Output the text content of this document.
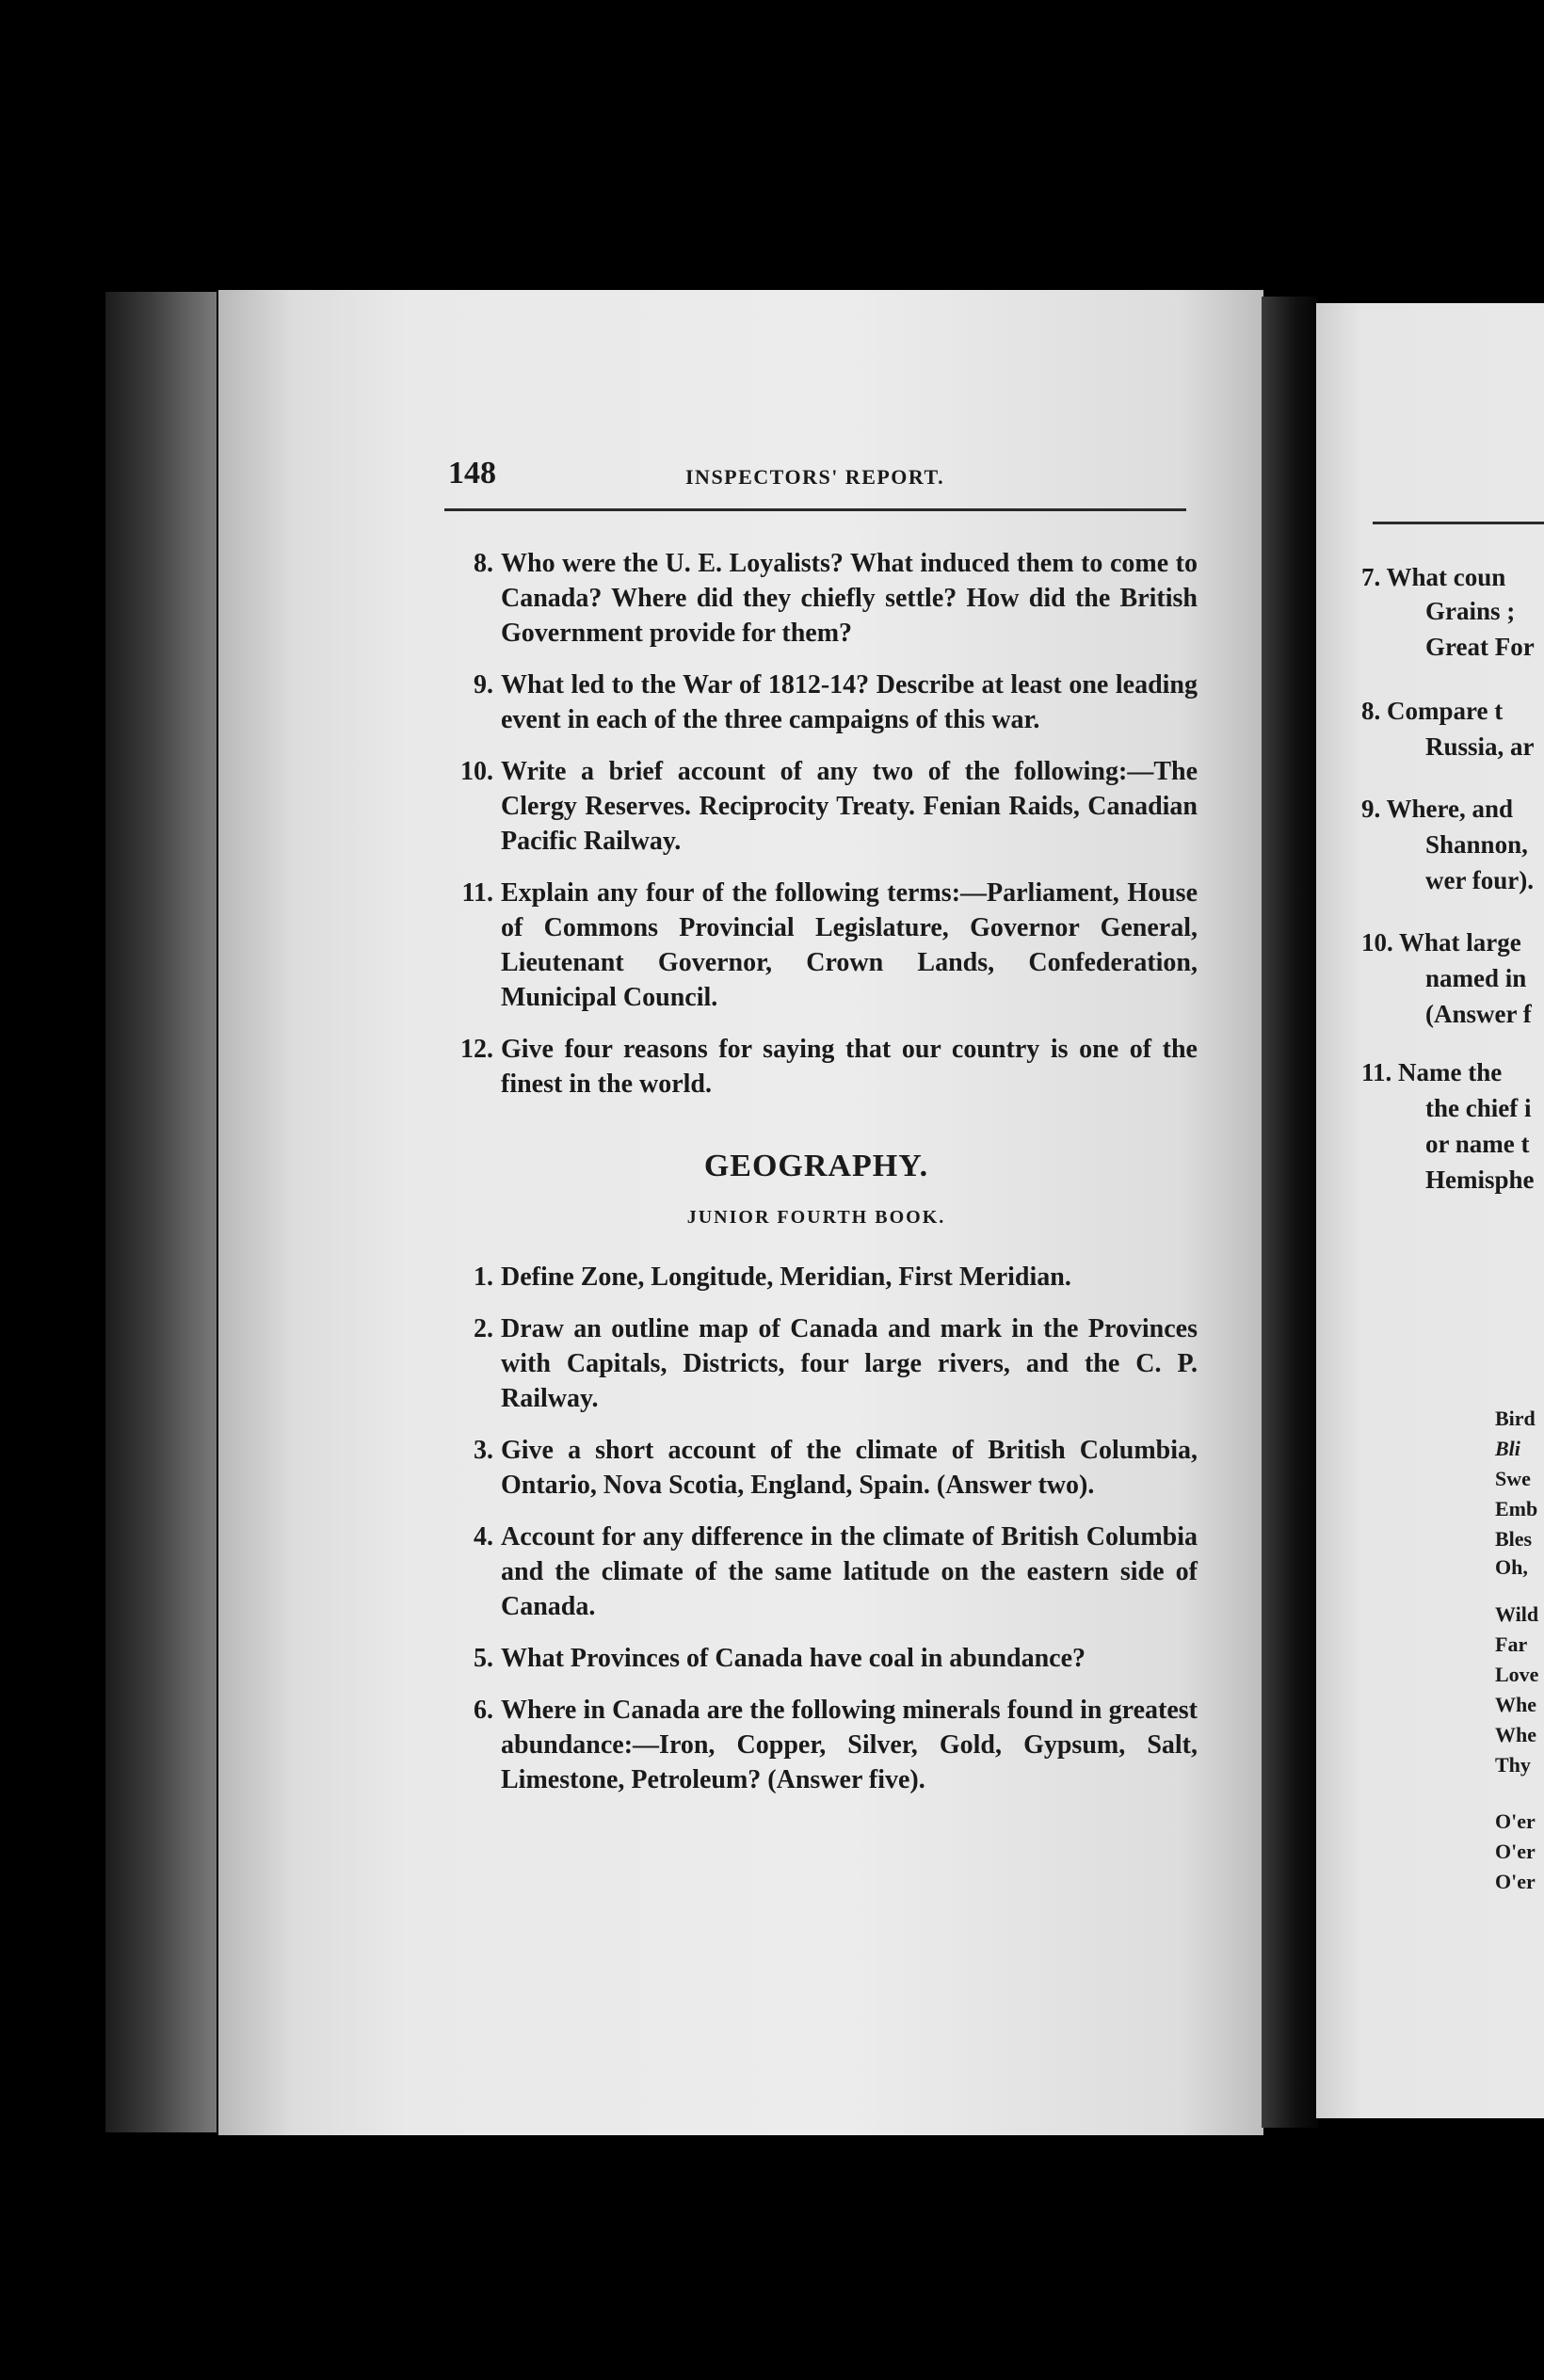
7. What coun
Grains ;
Great For
8. Compare t
Russia, ar
9. Where, and
Shannon,
wer four).
10. What large
named in
(Answer f
11. Name the
the chief i
or name t
Hemisphe
Bird
Bli
Swe
Emb
Bles
Oh,
Wild
Far
Love
Whe
Whe
Thy
O'er
O'er
O'er
148	INSPECTORS' REPORT.
8. Who were the U. E. Loyalists? What induced them to come to Canada? Where did they chiefly settle? How did the British Government provide for them?
9. What led to the War of 1812-14? Describe at least one leading event in each of the three campaigns of this war.
10. Write a brief account of any two of the following:—The Clergy Reserves. Reciprocity Treaty. Fenian Raids, Canadian Pacific Railway.
11. Explain any four of the following terms:—Parliament, House of Commons Provincial Legislature, Governor General, Lieutenant Governor, Crown Lands, Confederation, Municipal Council.
12. Give four reasons for saying that our country is one of the finest in the world.
GEOGRAPHY.
JUNIOR FOURTH BOOK.
1. Define Zone, Longitude, Meridian, First Meridian.
2. Draw an outline map of Canada and mark in the Provinces with Capitals, Districts, four large rivers, and the C. P. Railway.
3. Give a short account of the climate of British Columbia, Ontario, Nova Scotia, England, Spain. (Answer two).
4. Account for any difference in the climate of British Columbia and the climate of the same latitude on the eastern side of Canada.
5. What Provinces of Canada have coal in abundance?
6. Where in Canada are the following minerals found in greatest abundance:—Iron, Copper, Silver, Gold, Gypsum, Salt, Limestone, Petroleum? (Answer five).
